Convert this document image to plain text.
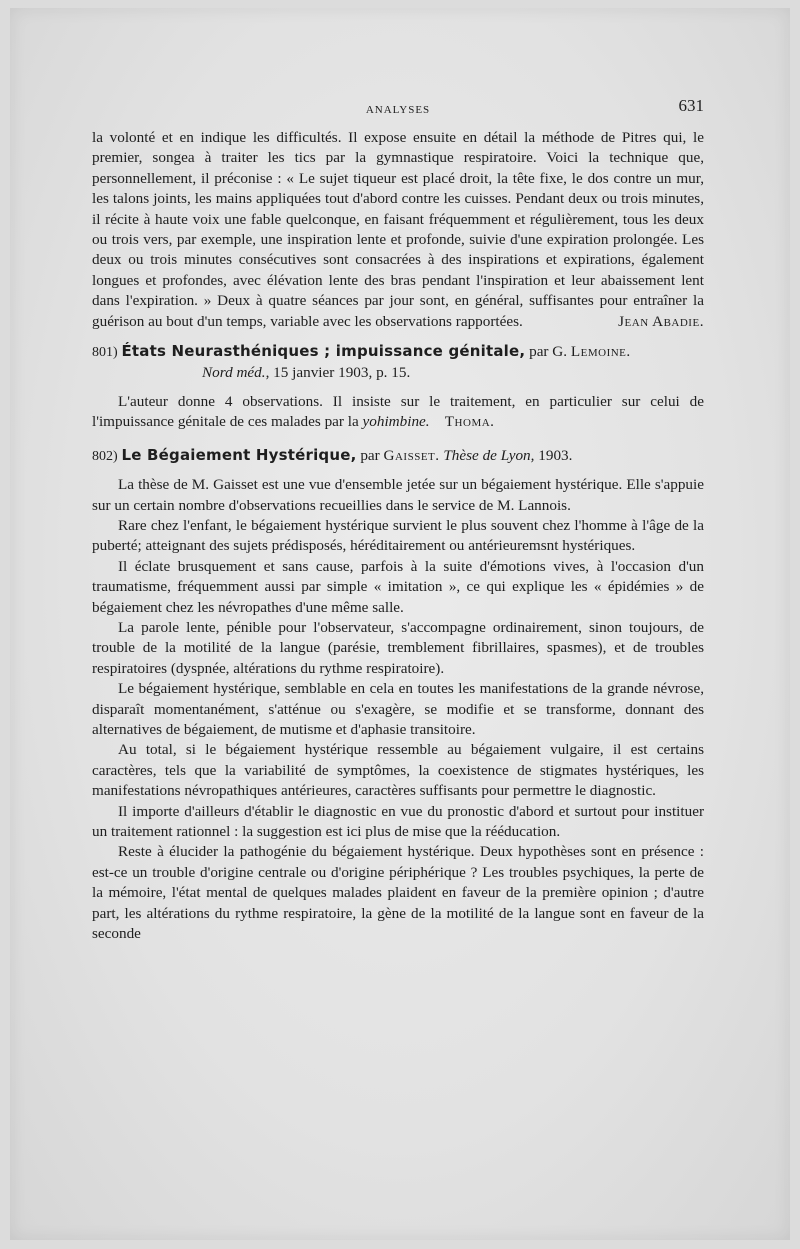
ANALYSES	631

la volonté et en indique les difficultés. Il expose ensuite en détail la méthode de Pitres qui, le premier, songea à traiter les tics par la gymnastique respiratoire. Voici la technique que, personnellement, il préconise : « Le sujet tiqueur est placé droit, la tête fixe, le dos contre un mur, les talons joints, les mains appliquées tout d'abord contre les cuisses. Pendant deux ou trois minutes, il récite à haute voix une fable quelconque, en faisant fréquemment et régulièrement, tous les deux ou trois vers, par exemple, une inspiration lente et profonde, suivie d'une expiration prolongée. Les deux ou trois minutes consécutives sont consacrées à des inspirations et expirations, également longues et profondes, avec élévation lente des bras pendant l'inspiration et leur abaissement lent dans l'expiration. » Deux à quatre séances par jour sont, en général, suffisantes pour entraîner la guérison au bout d'un temps, variable avec les observations rapportées.	Jean Abadie.

801) États Neurasthéniques ; impuissance génitale, par G. Lemoine.
Nord méd., 15 janvier 1903, p. 15.

L'auteur donne 4 observations. Il insiste sur le traitement, en particulier sur celui de l'impuissance génitale de ces malades par la yohimbine. Thoma.

802) Le Bégaiement Hystérique, par Gaisset. Thèse de Lyon, 1903.

La thèse de M. Gaisset est une vue d'ensemble jetée sur un bégaiement hystérique. Elle s'appuie sur un certain nombre d'observations recueillies dans le service de M. Lannois.

Rare chez l'enfant, le bégaiement hystérique survient le plus souvent chez l'homme à l'âge de la puberté; atteignant des sujets prédisposés, héréditairement ou antérieuremsnt hystériques.

Il éclate brusquement et sans cause, parfois à la suite d'émotions vives, à l'occasion d'un traumatisme, fréquemment aussi par simple « imitation », ce qui explique les « épidémies » de bégaiement chez les névropathes d'une même salle.

La parole lente, pénible pour l'observateur, s'accompagne ordinairement, sinon toujours, de trouble de la motilité de la langue (parésie, tremblement fibrillaires, spasmes), et de troubles respiratoires (dyspnée, altérations du rythme respiratoire).

Le bégaiement hystérique, semblable en cela en toutes les manifestations de la grande névrose, disparaît momentanément, s'atténue ou s'exagère, se modifie et se transforme, donnant des alternatives de bégaiement, de mutisme et d'aphasie transitoire.

Au total, si le bégaiement hystérique ressemble au bégaiement vulgaire, il est certains caractères, tels que la variabilité de symptômes, la coexistence de stigmates hystériques, les manifestations névropathiques antérieures, caractères suffisants pour permettre le diagnostic.

Il importe d'ailleurs d'établir le diagnostic en vue du pronostic d'abord et surtout pour instituer un traitement rationnel : la suggestion est ici plus de mise que la rééducation.

Reste à élucider la pathogénie du bégaiement hystérique. Deux hypothèses sont en présence : est-ce un trouble d'origine centrale ou d'origine périphérique ? Les troubles psychiques, la perte de la mémoire, l'état mental de quelques malades plaident en faveur de la première opinion ; d'autre part, les altérations du rythme respiratoire, la gène de la motilité de la langue sont en faveur de la seconde
